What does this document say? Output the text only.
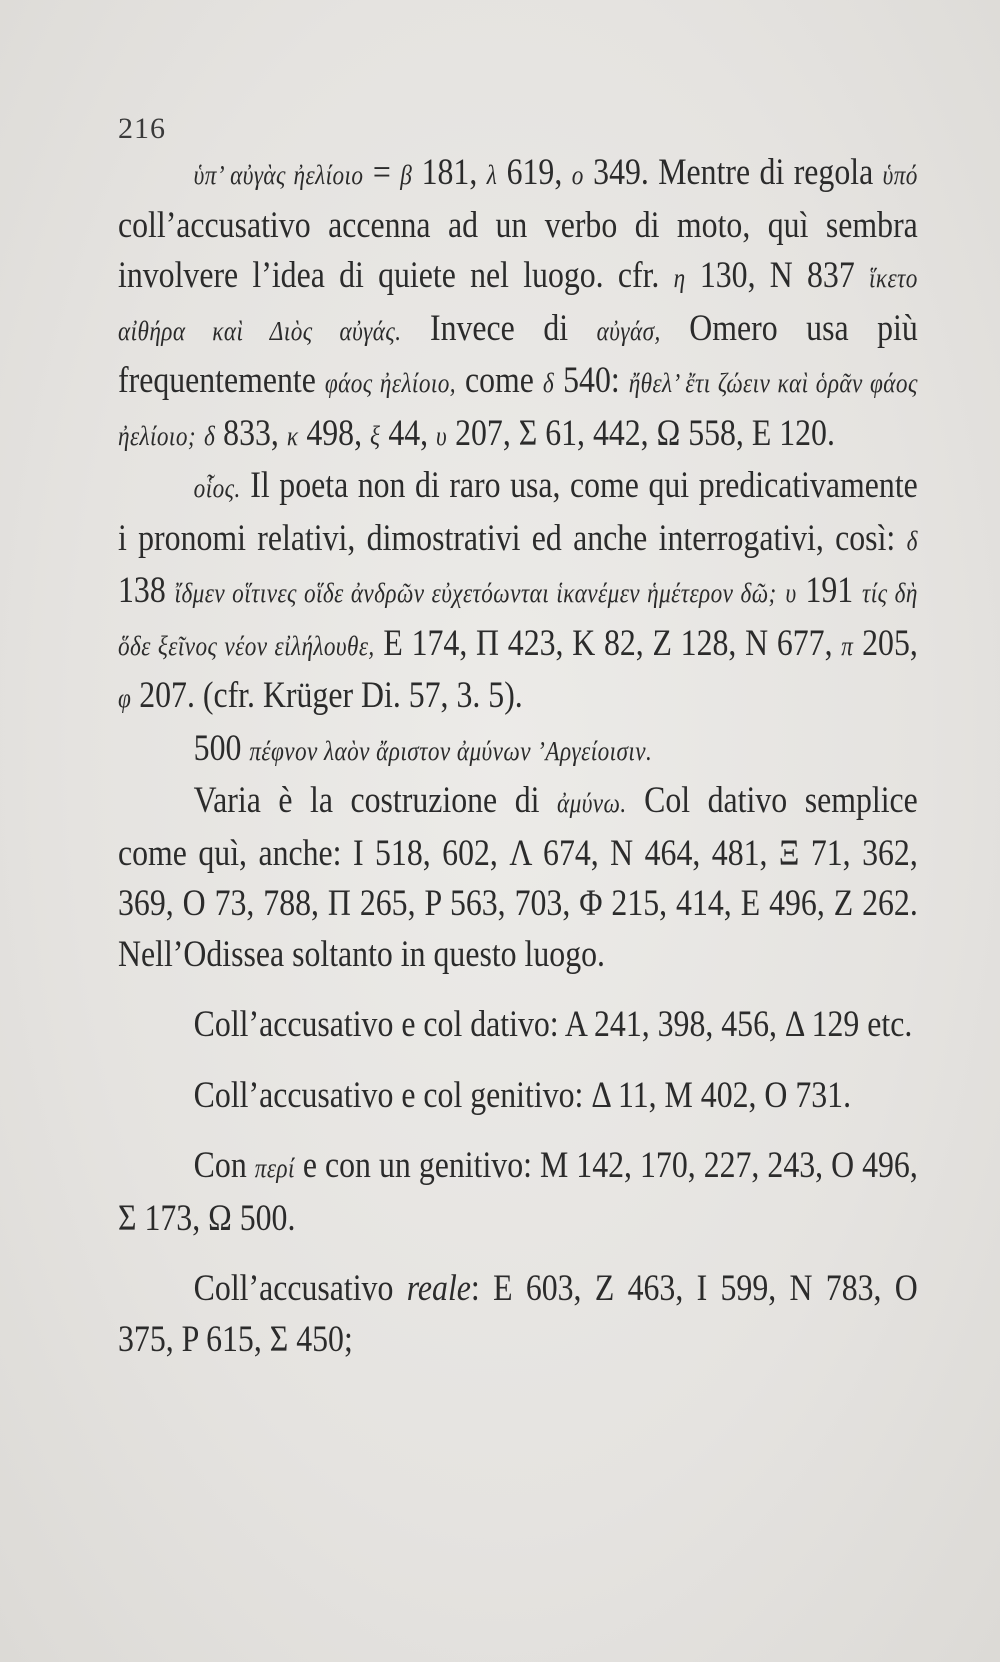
216

ὑπ’ αὐγὰς ἠελίοιο = β 181, λ 619, ο 349. Mentre di regola ὑπό coll’accusativo accenna ad un verbo di moto, quì sembra involvere l’idea di quiete nel luogo. cfr. η 130, N 837 ἵκετο αἰθήρα καὶ Διὸς αὐγάς. Invece di αὐγάσ, Omero usa più frequentemente φάος ἠελίοιο, come δ 540: ἤθελ’ ἔτι ζώειν καὶ ὁρᾶν φάος ἠελίοιο; δ 833, κ 498, ξ 44, υ 207, Σ 61, 442, Ω 558, E 120.

οἷος. Il poeta non di raro usa, come qui predicativamente i pronomi relativi, dimostrativi ed anche interrogativi, così: δ 138 ἴδμεν οἵτινες οἵδε ἀνδρῶν εὐχετόωνται ἱκανέμεν ἡμέτερον δῶ; υ 191 τίς δὴ ὅδε ξεῖνος νέον εἰλήλουθε, E 174, Π 423, K 82, Z 128, N 677, π 205, φ 207. (cfr. Krüger Di. 57, 3. 5).

500 πέφνον λαὸν ἄριστον ἀμύνων ’Αργείοισιν.

Varia è la costruzione di ἀμύνω. Col dativo semplice come quì, anche: I 518, 602, Λ 674, N 464, 481, Ξ 71, 362, 369, O 73, 788, Π 265, P 563, 703, Φ 215, 414, E 496, Z 262. Nell’Odissea soltanto in questo luogo.

Coll’accusativo e col dativo: A 241, 398, 456, Δ 129 etc.

Coll’accusativo e col genitivo: Δ 11, M 402, O 731.

Con περί e con un genitivo: M 142, 170, 227, 243, O 496, Σ 173, Ω 500.

Coll’accusativo reale: E 603, Z 463, I 599, N 783, O 375, P 615, Σ 450;
